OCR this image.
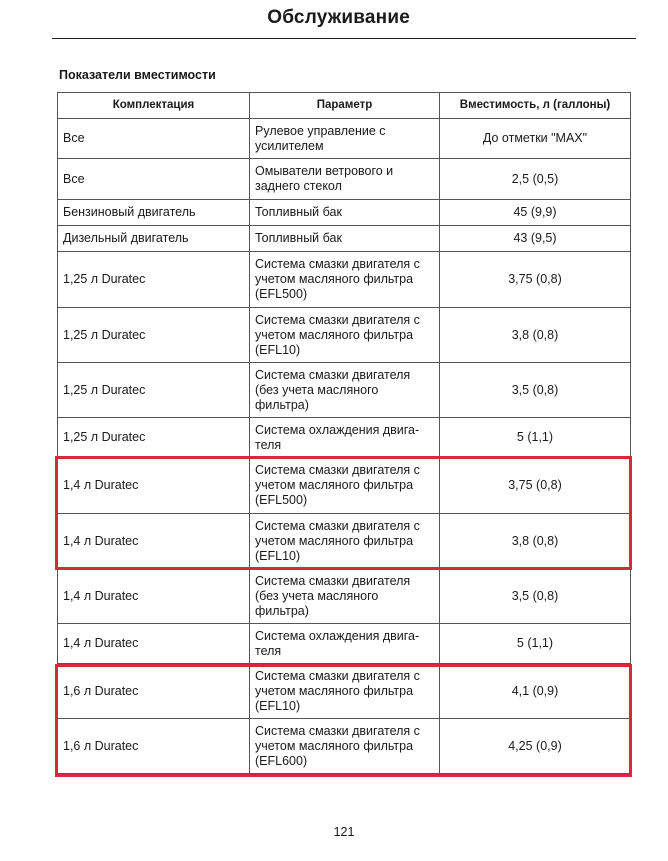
Обслуживание
Показатели вместимости
Комплектация	Параметр	Вместимость, л (галлоны)
Все	Рулевое управление с усилителем	До отметки "MAX"
Все	Омыватели ветрового и заднего стекол	2,5 (0,5)
Бензиновый двигатель	Топливный бак	45 (9,9)
Дизельный двигатель	Топливный бак	43 (9,5)
1,25 л Duratec	Система смазки двигателя с учетом масляного фильтра (EFL500)	3,75 (0,8)
1,25 л Duratec	Система смазки двигателя с учетом масляного фильтра (EFL10)	3,8 (0,8)
1,25 л Duratec	Система смазки двигателя (без учета масляного фильтра)	3,5 (0,8)
1,25 л Duratec	Система охлаждения двига-теля	5 (1,1)
1,4 л Duratec	Система смазки двигателя с учетом масляного фильтра (EFL500)	3,75 (0,8)
1,4 л Duratec	Система смазки двигателя с учетом масляного фильтра (EFL10)	3,8 (0,8)
1,4 л Duratec	Система смазки двигателя (без учета масляного фильтра)	3,5 (0,8)
1,4 л Duratec	Система охлаждения двига-теля	5 (1,1)
1,6 л Duratec	Система смазки двигателя с учетом масляного фильтра (EFL10)	4,1 (0,9)
1,6 л Duratec	Система смазки двигателя с учетом масляного фильтра (EFL600)	4,25 (0,9)
121
